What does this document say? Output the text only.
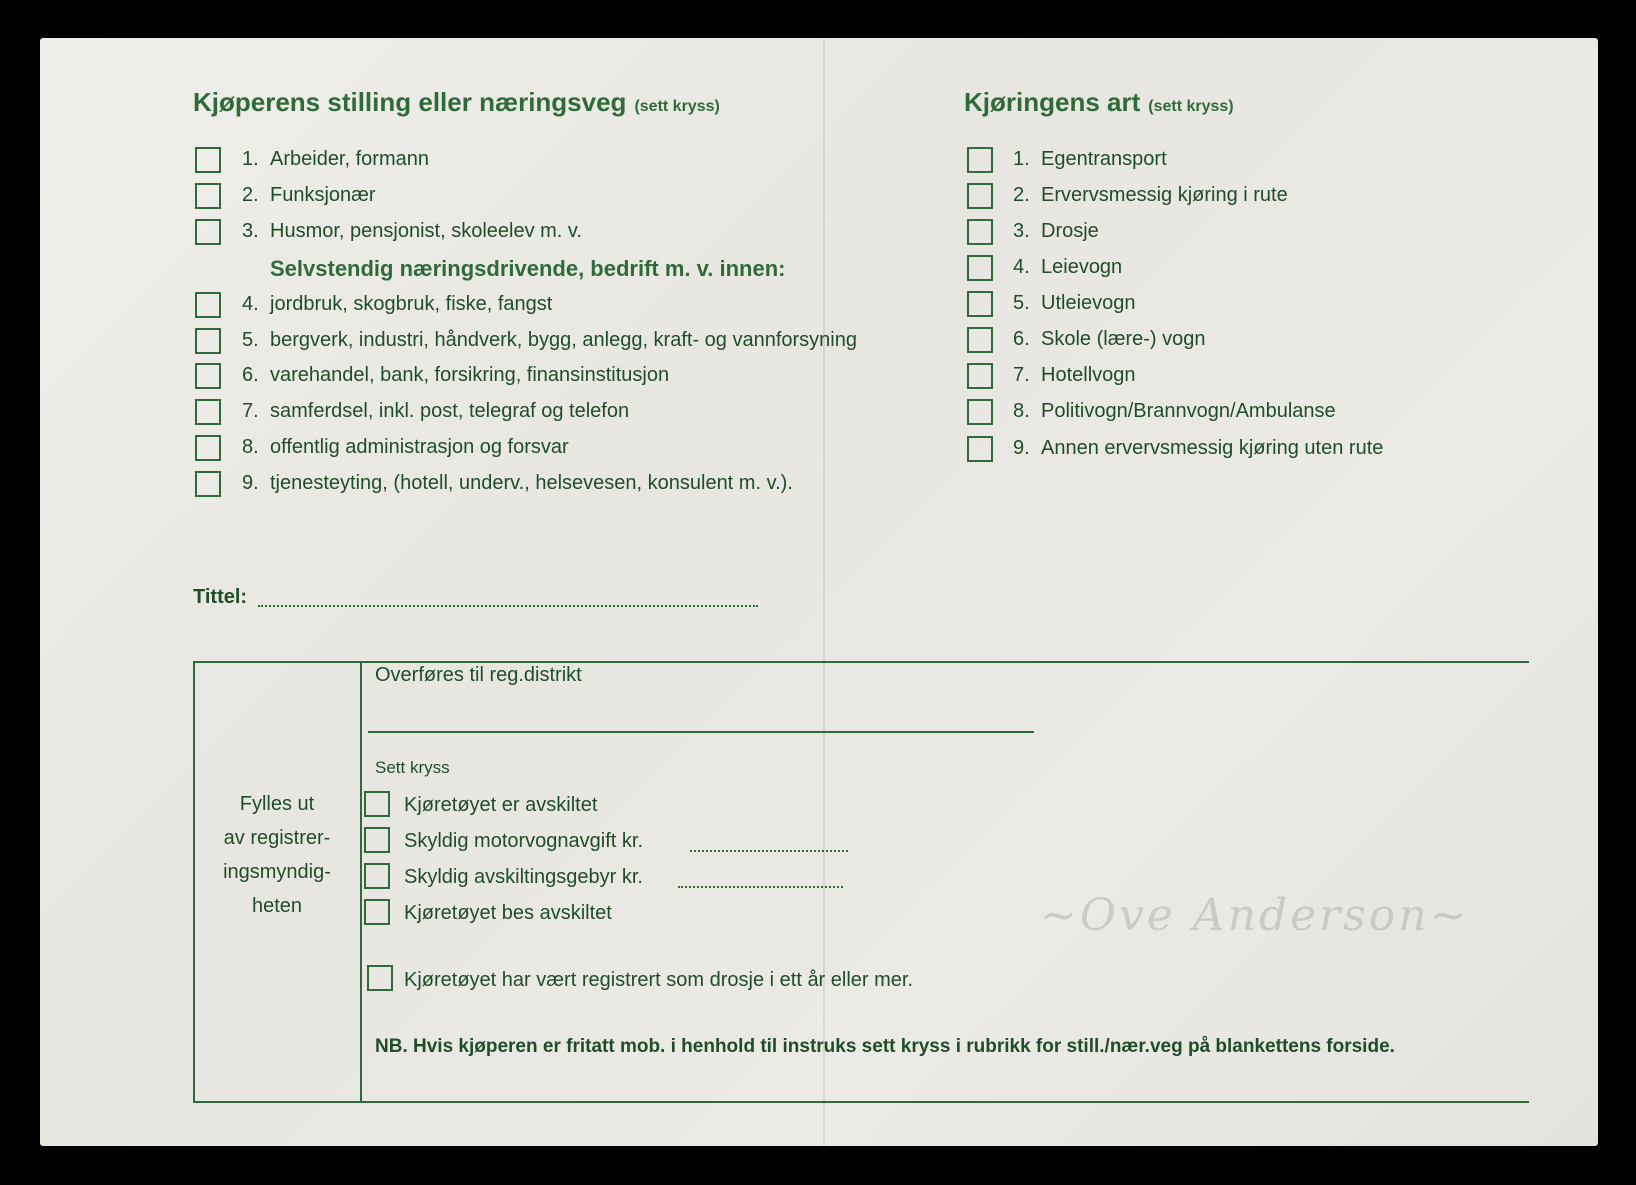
Kjøperens stilling eller næringsveg (sett kryss)
1. Arbeider, formann
2. Funksjonær
3. Husmor, pensjonist, skoleelev m. v.
Selvstendig næringsdrivende, bedrift m. v. innen:
4. jordbruk, skogbruk, fiske, fangst
5. bergverk, industri, håndverk, bygg, anlegg, kraft- og vannforsyning
6. varehandel, bank, forsikring, finansinstitusjon
7. samferdsel, inkl. post, telegraf og telefon
8. offentlig administrasjon og forsvar
9. tjenesteyting, (hotell, underv., helsevesen, konsulent m. v.).
Kjøringens art (sett kryss)
1. Egentransport
2. Ervervsmessig kjøring i rute
3. Drosje
4. Leievogn
5. Utleievogn
6. Skole (lære-) vogn
7. Hotellvogn
8. Politivogn/Brannvogn/Ambulanse
9. Annen ervervsmessig kjøring uten rute
Tittel:
Fylles ut
av registrer-
ingsmyndig-
heten
Overføres til reg.distrikt
Sett kryss
Kjøretøyet er avskiltet
Skyldig motorvognavgift kr.
Skyldig avskiltingsgebyr kr.
Kjøretøyet bes avskiltet
Kjøretøyet har vært registrert som drosje i ett år eller mer.
NB. Hvis kjøperen er fritatt mob. i henhold til instruks sett kryss i rubrikk for still./nær.veg på blankettens forside.
~Ove Anderson~
